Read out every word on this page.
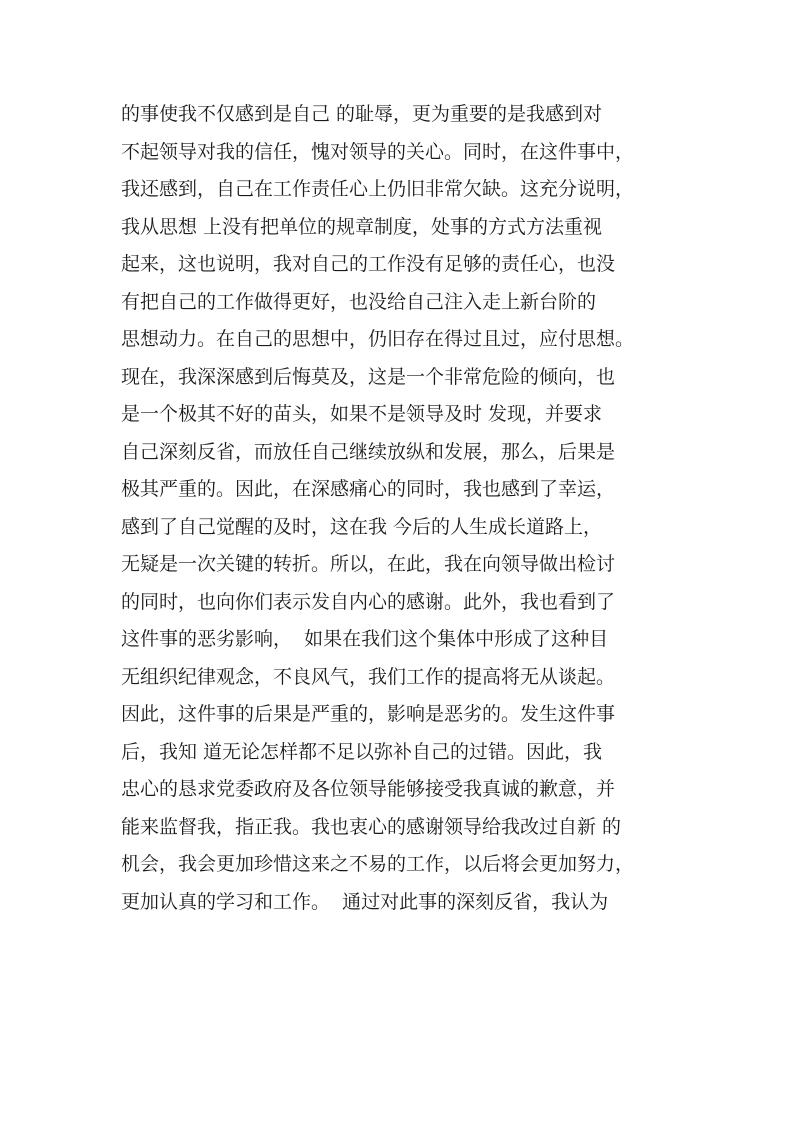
的事使我不仅感到是自己 的耻辱，更为重要的是我感到对
不起领导对我的信任，愧对领导的关心。同时，在这件事中，
我还感到，自己在工作责任心上仍旧非常欠缺。这充分说明，
我从思想 上没有把单位的规章制度，处事的方式方法重视
起来，这也说明，我对自己的工作没有足够的责任心，也没
有把自己的工作做得更好，也没给自己注入走上新台阶的
思想动力。在自己的思想中，仍旧存在得过且过，应付思想。
现在，我深深感到后悔莫及，这是一个非常危险的倾向，也
是一个极其不好的苗头，如果不是领导及时 发现，并要求
自己深刻反省，而放任自己继续放纵和发展，那么，后果是
极其严重的。因此，在深感痛心的同时，我也感到了幸运，
感到了自己觉醒的及时，这在我 今后的人生成长道路上，
无疑是一次关键的转折。所以，在此，我在向领导做出检讨
的同时，也向你们表示发自内心的感谢。此外，我也看到了
这件事的恶劣影响，  如果在我们这个集体中形成了这种目
无组织纪律观念，不良风气，我们工作的提高将无从谈起。
因此，这件事的后果是严重的，影响是恶劣的。发生这件事
后，我知 道无论怎样都不足以弥补自己的过错。因此，我
忠心的恳求党委政府及各位领导能够接受我真诚的歉意，并
能来监督我，指正我。我也衷心的感谢领导给我改过自新 的
机会，我会更加珍惜这来之不易的工作，以后将会更加努力，
更加认真的学习和工作。  通过对此事的深刻反省，我认为
